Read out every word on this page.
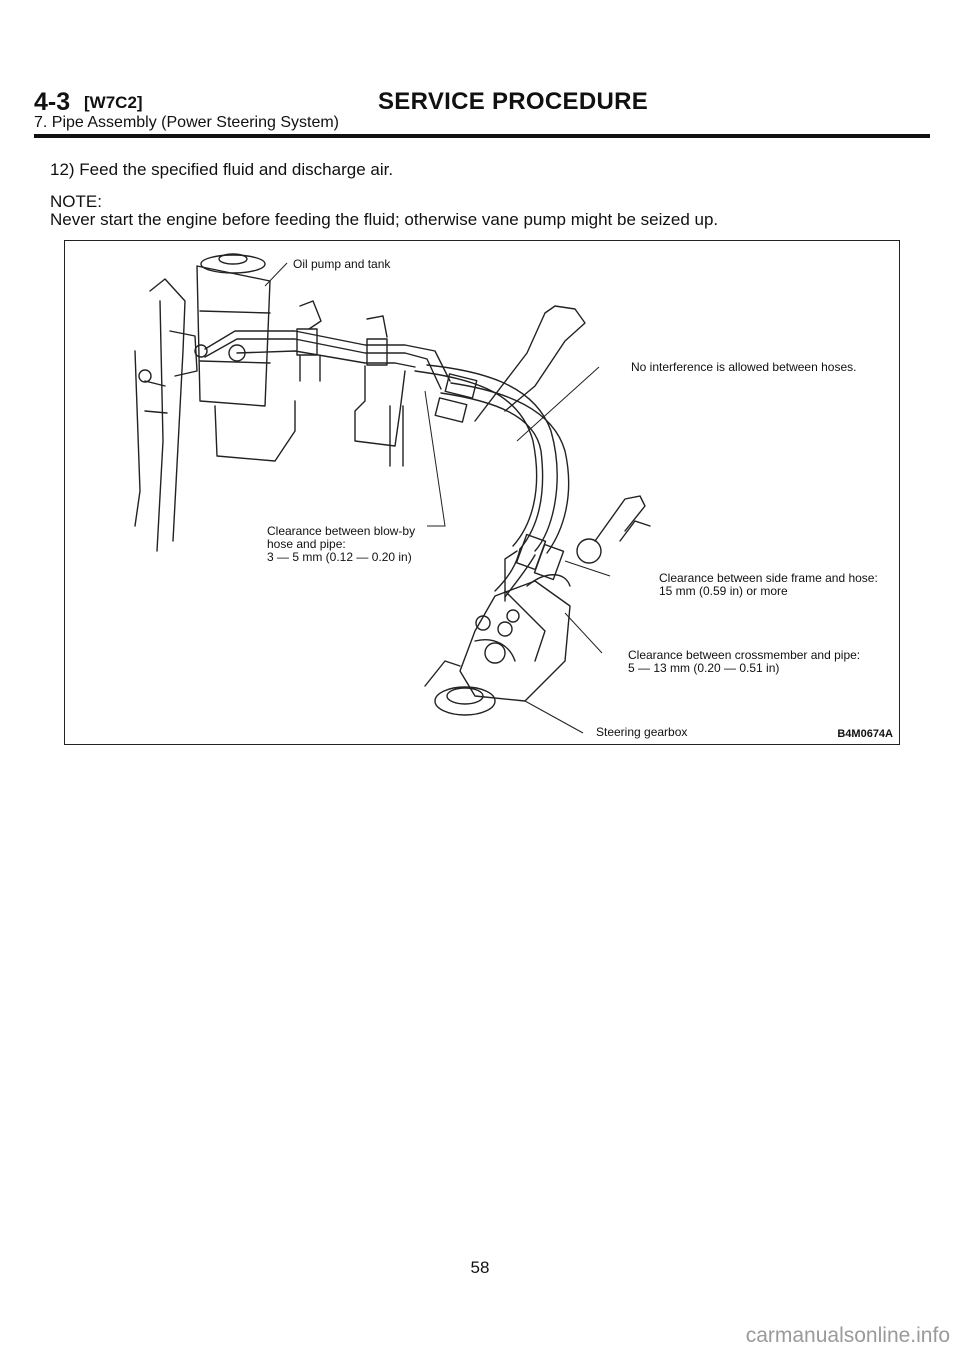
4-3 [W7C2]	SERVICE PROCEDURE
7. Pipe Assembly (Power Steering System)
12) Feed the specified fluid and discharge air.
NOTE:
Never start the engine before feeding the fluid; otherwise vane pump might be seized up.
Oil pump and tank
No interference is allowed between hoses.
Clearance between blow-by
hose and pipe:
3 — 5 mm (0.12 — 0.20 in)
Clearance between side frame and hose:
15 mm (0.59 in) or more
Clearance between crossmember and pipe:
5 — 13 mm (0.20 — 0.51 in)
Steering gearbox	B4M0674A
58
carmanualsonline.info
